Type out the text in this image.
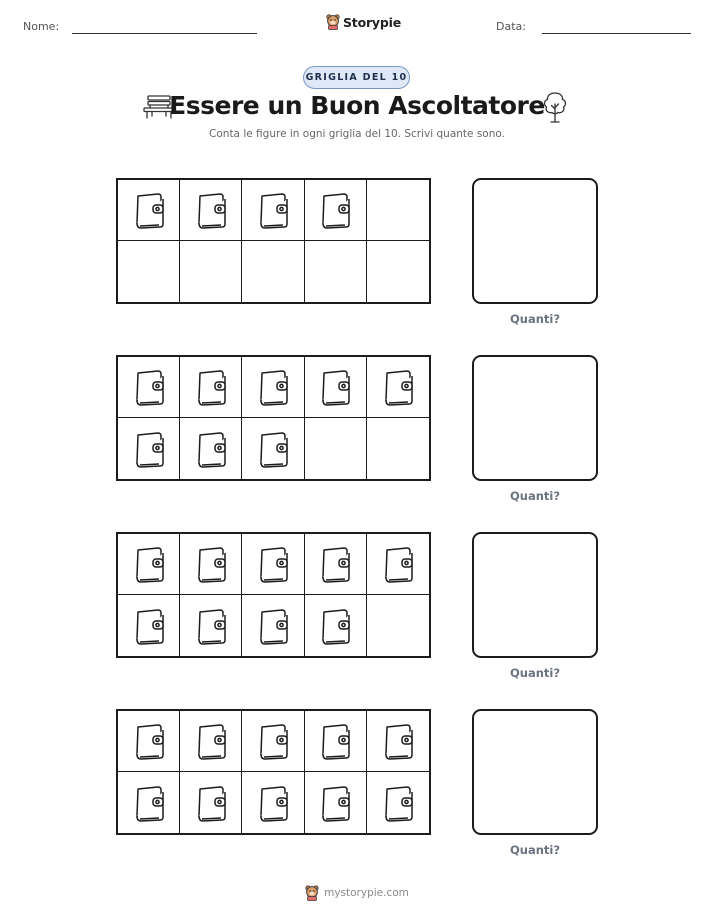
Nome:	Storypie	Data:
GRIGLIA DEL 10
Essere un Buon Ascoltatore
Conta le figure in ogni griglia del 10. Scrivi quante sono.
Quanti?
Quanti?
Quanti?
Quanti?
mystorypie.com
